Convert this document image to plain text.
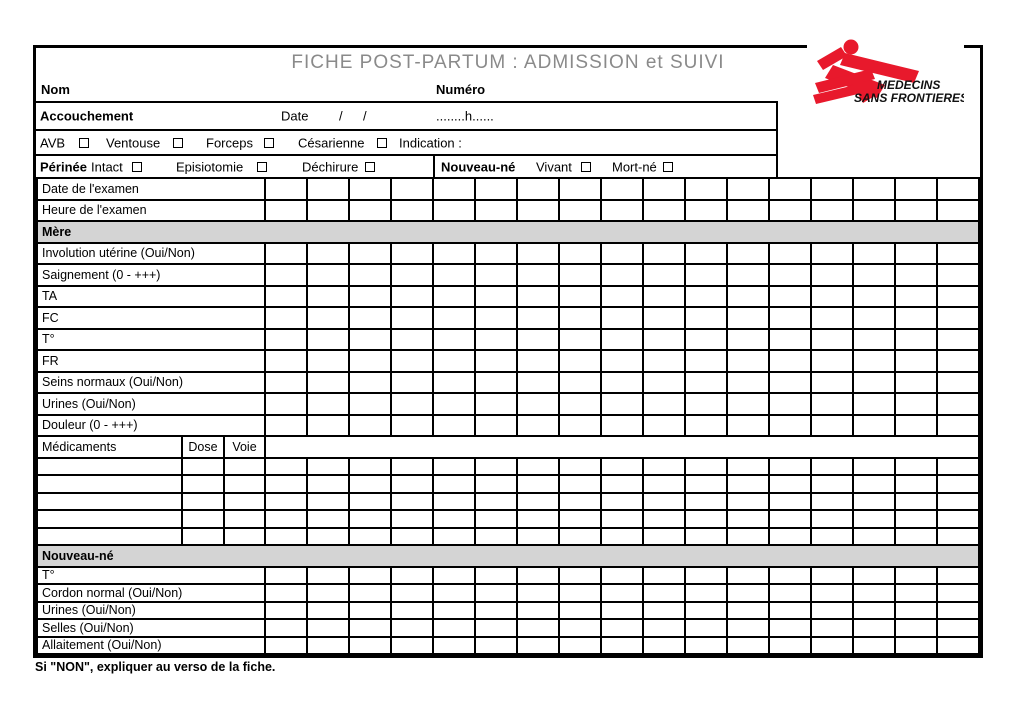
MEDECINS
SANS FRONTIERES
FICHE POST-PARTUM : ADMISSION et SUIVI
Nom	Numéro
Accouchement	Date / /	........h......
AVB	Ventouse	Forceps	Césarienne	Indication :
Périnée Intact	Episiotomie	Déchirure	Nouveau-né Vivant	Mort-né
Date de l'examen																			
Heure de l'examen																			
Mère																			
Involution utérine (Oui/Non)																			
Saignement (0 - +++)																			
TA																			
FC																			
T°																			
FR																			
Seins normaux (Oui/Non)																			
Urines (Oui/Non)																			
Douleur (0 - +++)																			
Médicaments	Dose	Voie																	

Nouveau-né																			
T°																			
Cordon normal (Oui/Non)																			
Urines (Oui/Non)																			
Selles (Oui/Non)																			
Allaitement (Oui/Non)																			
Si "NON", expliquer au verso de la fiche.
